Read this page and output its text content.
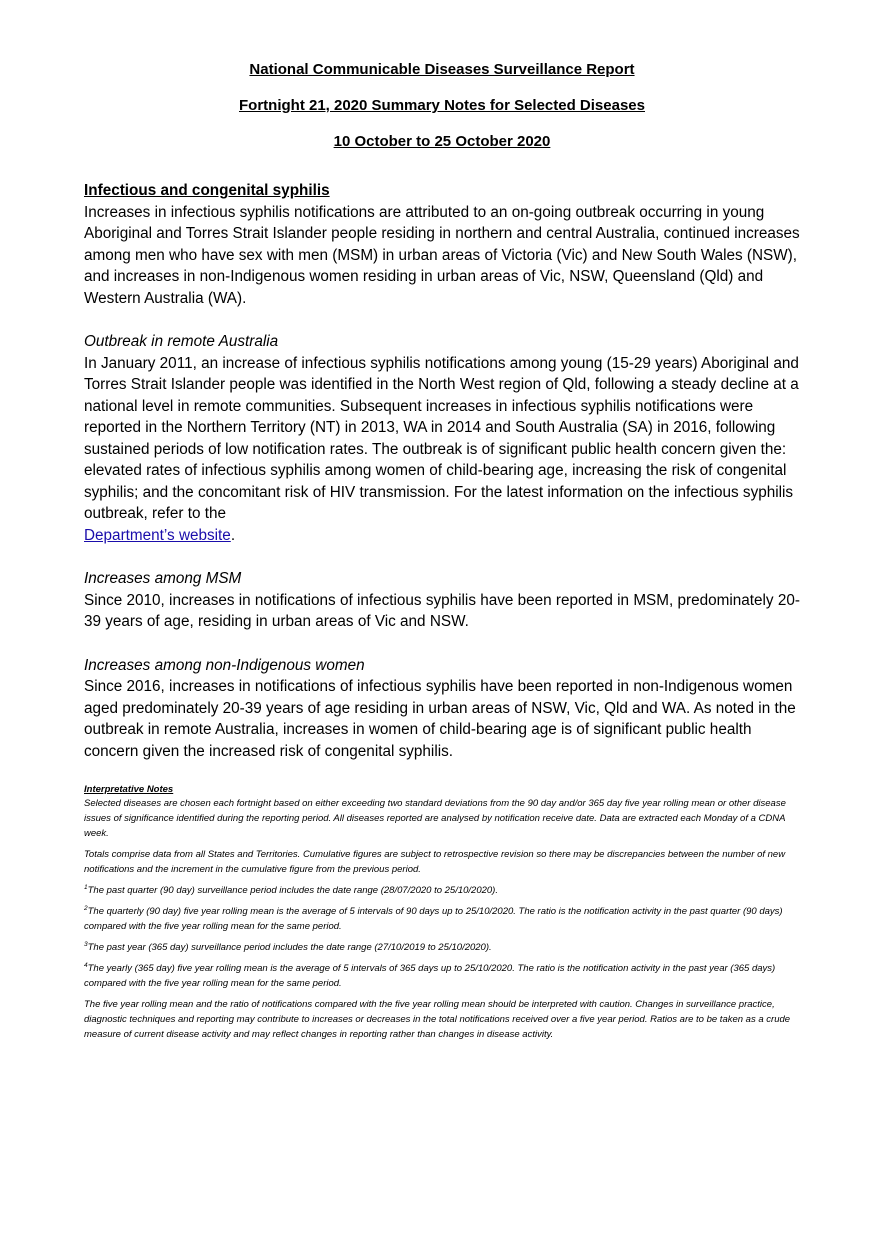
National Communicable Diseases Surveillance Report

Fortnight 21, 2020 Summary Notes for Selected Diseases

10 October to 25 October 2020

Infectious and congenital syphilis

Increases in infectious syphilis notifications are attributed to an on-going outbreak occurring in young Aboriginal and Torres Strait Islander people residing in northern and central Australia, continued increases among men who have sex with men (MSM) in urban areas of Victoria (Vic) and New South Wales (NSW), and increases in non-Indigenous women residing in urban areas of Vic, NSW, Queensland (Qld) and Western Australia (WA).

Outbreak in remote Australia

In January 2011, an increase of infectious syphilis notifications among young (15-29 years) Aboriginal and Torres Strait Islander people was identified in the North West region of Qld, following a steady decline at a national level in remote communities. Subsequent increases in infectious syphilis notifications were reported in the Northern Territory (NT) in 2013, WA in 2014 and South Australia (SA) in 2016, following sustained periods of low notification rates. The outbreak is of significant public health concern given the: elevated rates of infectious syphilis among women of child-bearing age, increasing the risk of congenital syphilis; and the concomitant risk of HIV transmission. For the latest information on the infectious syphilis outbreak, refer to the
Department’s website.

Increases among MSM

Since 2010, increases in notifications of infectious syphilis have been reported in MSM, predominately 20-39 years of age, residing in urban areas of Vic and NSW.

Increases among non-Indigenous women

Since 2016, increases in notifications of infectious syphilis have been reported in non-Indigenous women aged predominately 20-39 years of age residing in urban areas of NSW, Vic, Qld and WA. As noted in the outbreak in remote Australia, increases in women of child-bearing age is of significant public health concern given the increased risk of congenital syphilis.

Interpretative Notes

Selected diseases are chosen each fortnight based on either exceeding two standard deviations from the 90 day and/or 365 day five year rolling mean or other disease issues of significance identified during the reporting period. All diseases reported are analysed by notification receive date. Data are extracted each Monday of a CDNA week.

Totals comprise data from all States and Territories. Cumulative figures are subject to retrospective revision so there may be discrepancies between the number of new notifications and the increment in the cumulative figure from the previous period.

$^1$The past quarter (90 day) surveillance period includes the date range (28/07/2020 to 25/10/2020).

$^2$The quarterly (90 day) five year rolling mean is the average of 5 intervals of 90 days up to 25/10/2020. The ratio is the notification activity in the past quarter (90 days) compared with the five year rolling mean for the same period.

$^3$The past year (365 day) surveillance period includes the date range (27/10/2019 to 25/10/2020).

$^4$The yearly (365 day) five year rolling mean is the average of 5 intervals of 365 days up to 25/10/2020. The ratio is the notification activity in the past year (365 days) compared with the five year rolling mean for the same period.

The five year rolling mean and the ratio of notifications compared with the five year rolling mean should be interpreted with caution. Changes in surveillance practice, diagnostic techniques and reporting may contribute to increases or decreases in the total notifications received over a five year period. Ratios are to be taken as a crude measure of current disease activity and may reflect changes in reporting rather than changes in disease activity.
